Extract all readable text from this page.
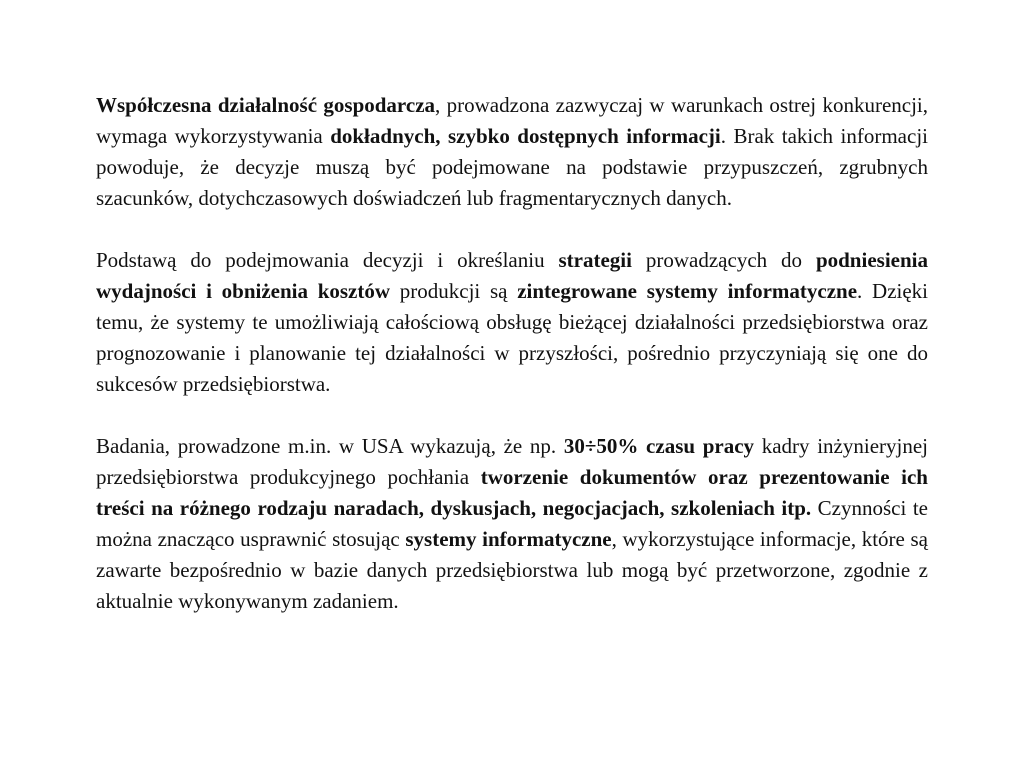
Współczesna działalność gospodarcza, prowadzona zazwyczaj w warunkach ostrej konkurencji, wymaga wykorzystywania dokładnych, szybko dostępnych informacji. Brak takich informacji powoduje, że decyzje muszą być podejmowane na podstawie przypuszczeń, zgrubnych szacunków, dotychczasowych doświadczeń lub fragmentarycznych danych.

Podstawą do podejmowania decyzji i określaniu strategii prowadzących do podniesienia wydajności i obniżenia kosztów produkcji są zintegrowane systemy informatyczne. Dzięki temu, że systemy te umożliwiają całościową obsługę bieżącej działalności przedsiębiorstwa oraz prognozowanie i planowanie tej działalności w przyszłości, pośrednio przyczyniają się one do sukcesów przedsiębiorstwa.

Badania, prowadzone m.in. w USA wykazują, że np. 30÷50% czasu pracy kadry inżynieryjnej przedsiębiorstwa produkcyjnego pochłania tworzenie dokumentów oraz prezentowanie ich treści na różnego rodzaju naradach, dyskusjach, negocjacjach, szkoleniach itp. Czynności te można znacząco usprawnić stosując systemy informatyczne, wykorzystujące informacje, które są zawarte bezpośrednio w bazie danych przedsiębiorstwa lub mogą być przetworzone, zgodnie z aktualnie wykonywanym zadaniem.
